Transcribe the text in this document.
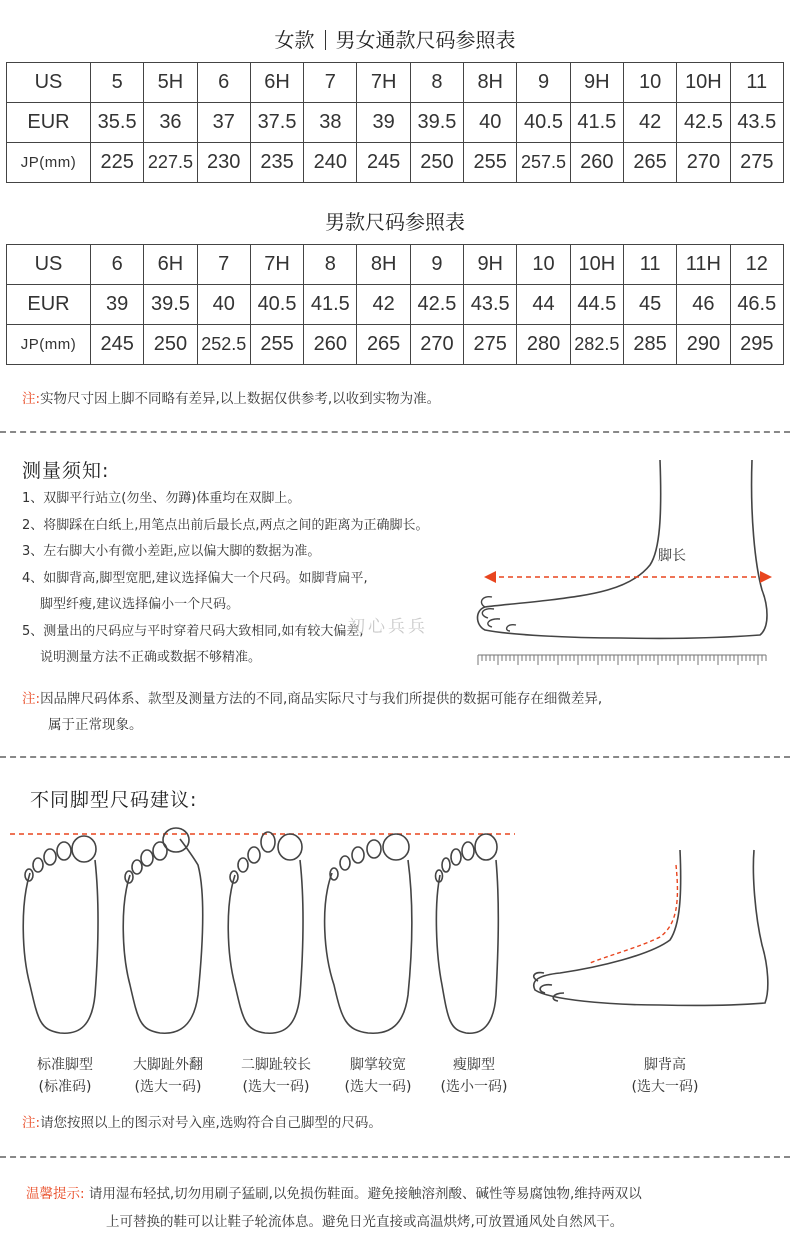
女款 男女通款尺码参照表
US	5	5H	6	6H	7	7H	8	8H	9	9H	10	10H	11
EUR	35.5	36	37	37.5	38	39	39.5	40	40.5	41.5	42	42.5	43.5
JP(mm)	225	227.5	230	235	240	245	250	255	257.5	260	265	270	275
男款尺码参照表
US	6	6H	7	7H	8	8H	9	9H	10	10H	11	11H	12
EUR	39	39.5	40	40.5	41.5	42	42.5	43.5	44	44.5	45	46	46.5
JP(mm)	245	250	252.5	255	260	265	270	275	280	282.5	285	290	295
注:实物尺寸因上脚不同略有差异,以上数据仅供参考,以收到实物为准。
测量须知:
1、双脚平行站立(勿坐、勿蹲)体重均在双脚上。
2、将脚踩在白纸上,用笔点出前后最长点,两点之间的距离为正确脚长。
3、左右脚大小有微小差距,应以偏大脚的数据为准。
4、如脚背高,脚型宽肥,建议选择偏大一个尺码。如脚背扁平,
脚型纤瘦,建议选择偏小一个尺码。
5、测量出的尺码应与平时穿着尺码大致相同,如有较大偏差,
说明测量方法不正确或数据不够精准。
脚长
初心兵兵
注:因品牌尺码体系、款型及测量方法的不同,商品实际尺寸与我们所提供的数据可能存在细微差异,
属于正常现象。
不同脚型尺码建议:
标准脚型
(标准码)
大脚趾外翻
(选大一码)
二脚趾较长
(选大一码)
脚掌较宽
(选大一码)
瘦脚型
(选小一码)
脚背高
(选大一码)
注:请您按照以上的图示对号入座,选购符合自己脚型的尺码。
温馨提示: 请用湿布轻拭,切勿用刷子猛刷,以免损伤鞋面。避免接触溶剂酸、碱性等易腐蚀物,维持两双以
上可替换的鞋可以让鞋子轮流体息。避免日光直接或高温烘烤,可放置通风处自然风干。
